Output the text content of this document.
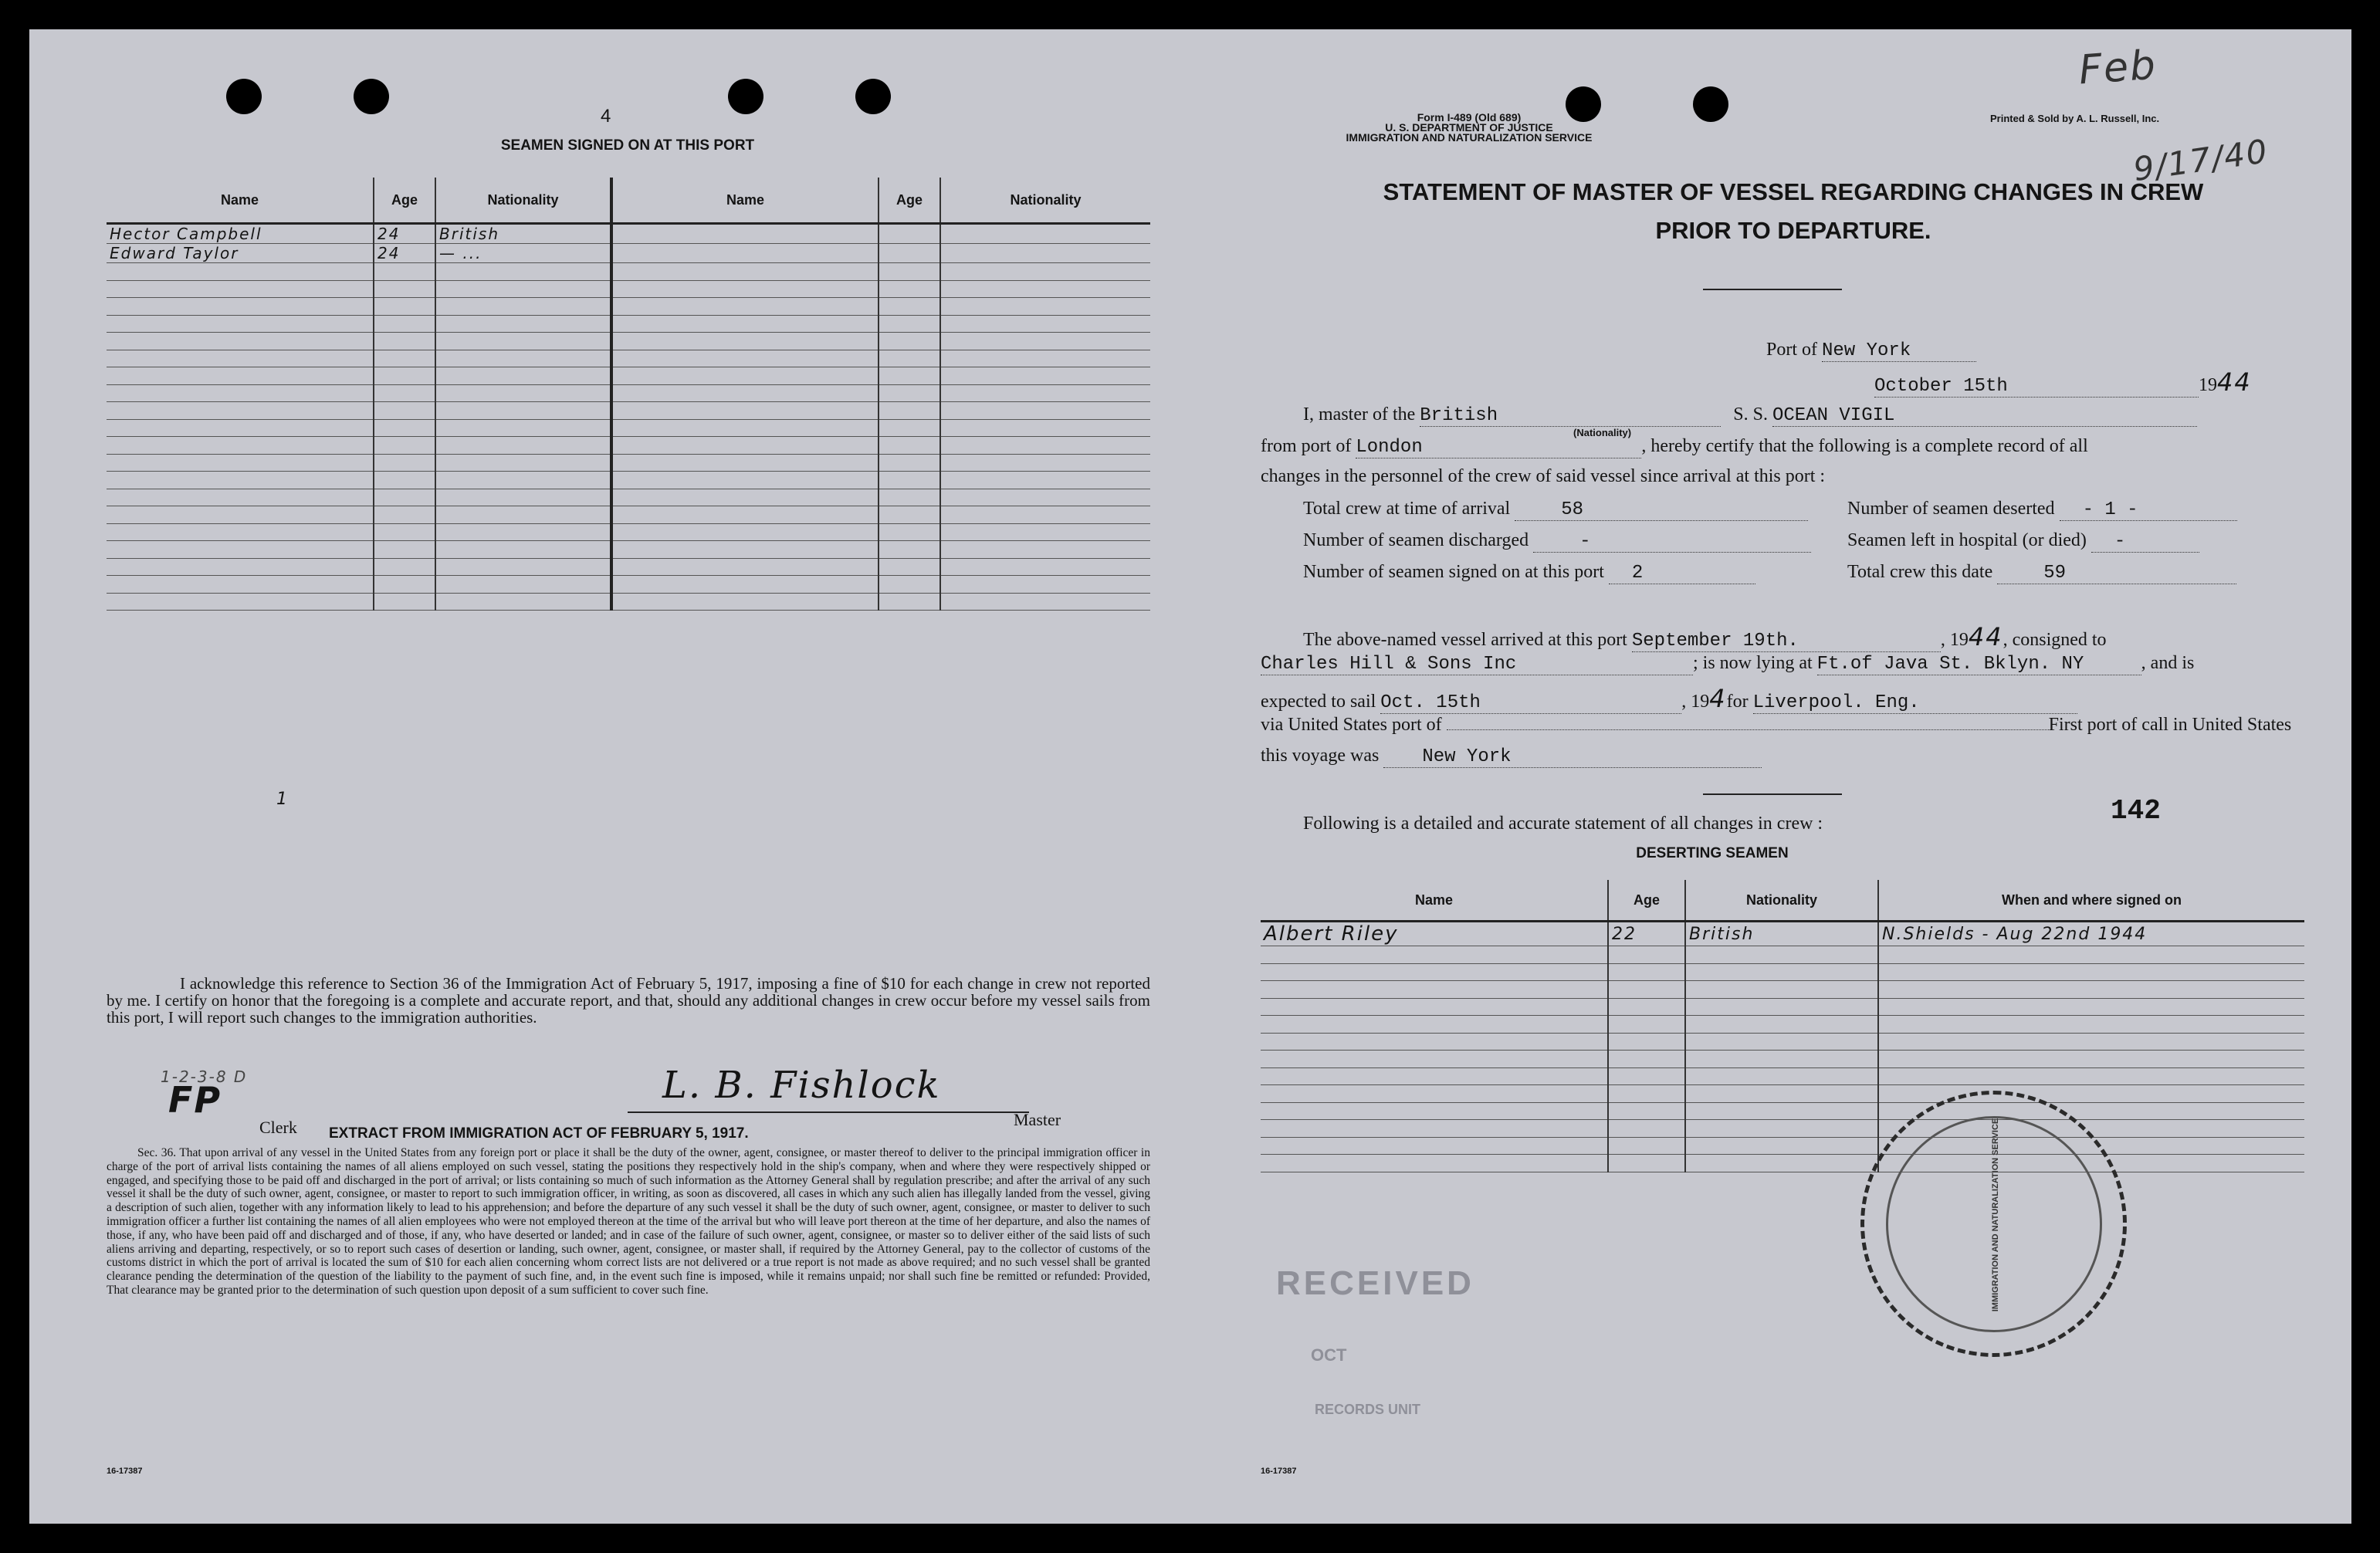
4
SEAMEN SIGNED ON AT THIS PORT
Name	Age	Nationality	Name	Age	Nationality
Hector Campbell	24	British			
Edward Taylor	24	— ...			

1
I acknowledge this reference to Section 36 of the Immigration Act of February 5, 1917, imposing a fine of $10 for each change in crew not reported by me. I certify on honor that the foregoing is a complete and accurate report, and that, should any additional changes in crew occur before my vessel sails from this port, I will report such changes to the immigration authorities.
1-2-3-8 D
FP
Clerk
L. B. Fishlock
Master
EXTRACT FROM IMMIGRATION ACT OF FEBRUARY 5, 1917.
Sec. 36. That upon arrival of any vessel in the United States from any foreign port or place it shall be the duty of the owner, agent, consignee, or master thereof to deliver to the principal immigration officer in charge of the port of arrival lists containing the names of all aliens employed on such vessel, stating the positions they respectively hold in the ship's company, when and where they were respectively shipped or engaged, and specifying those to be paid off and discharged in the port of arrival; or lists containing so much of such information as the Attorney General shall by regulation prescribe; and after the arrival of any such vessel it shall be the duty of such owner, agent, consignee, or master to report to such immigration officer, in writing, as soon as discovered, all cases in which any such alien has illegally landed from the vessel, giving a description of such alien, together with any information likely to lead to his apprehension; and before the departure of any such vessel it shall be the duty of such owner, agent, consignee, or master to deliver to such immigration officer a further list containing the names of all alien employees who were not employed thereon at the time of the arrival but who will leave port thereon at the time of her departure, and also the names of those, if any, who have been paid off and discharged and of those, if any, who have deserted or landed; and in case of the failure of such owner, agent, consignee, or master so to deliver either of the said lists of such aliens arriving and departing, respectively, or so to report such cases of desertion or landing, such owner, agent, consignee, or master shall, if required by the Attorney General, pay to the collector of customs of the customs district in which the port of arrival is located the sum of $10 for each alien concerning whom correct lists are not delivered or a true report is not made as above required; and no such vessel shall be granted clearance pending the determination of the question of the liability to the payment of such fine, and, in the event such fine is imposed, while it remains unpaid; nor shall such fine be remitted or refunded: Provided, That clearance may be granted prior to the determination of such question upon deposit of a sum sufficient to cover such fine.
16-17387
Form I-489 (Old 689)
U. S. DEPARTMENT OF JUSTICE
IMMIGRATION AND NATURALIZATION SERVICE
Printed & Sold by A. L. Russell, Inc.
Feb
9/17/40
STATEMENT OF MASTER OF VESSEL REGARDING CHANGES IN CREW
PRIOR TO DEPARTURE.
Port of New York
October 15th	1944
I, master of the British	S. S. OCEAN VIGIL
(Nationality)
from port of London	, hereby certify that the following is a complete record of all
changes in the personnel of the crew of said vessel since arrival at this port :
Total crew at time of arrival	58	Number of seamen deserted - 1 -
Number of seamen discharged	-	Seamen left in hospital (or died) -
Number of seamen signed on at this port 2	Total crew this date	59
The above-named vessel arrived at this port September 19th.	, 1944, consigned to
Charles Hill & Sons Inc	; is now lying at Ft.of Java St. Bklyn. NY	, and is
expected to sail Oct. 15th	, 194for Liverpool. Eng.
via United States port of	First port of call in United States
this voyage was New York
142
Following is a detailed and accurate statement of all changes in crew :
DESERTING SEAMEN
Name	Age	Nationality	When and where signed on
Albert Riley	22	British	N.Shields - Aug 22nd 1944

RECEIVED
OCT
RECORDS UNIT
IMMIGRATION AND NATURALIZATION SERVICE
16-17387
